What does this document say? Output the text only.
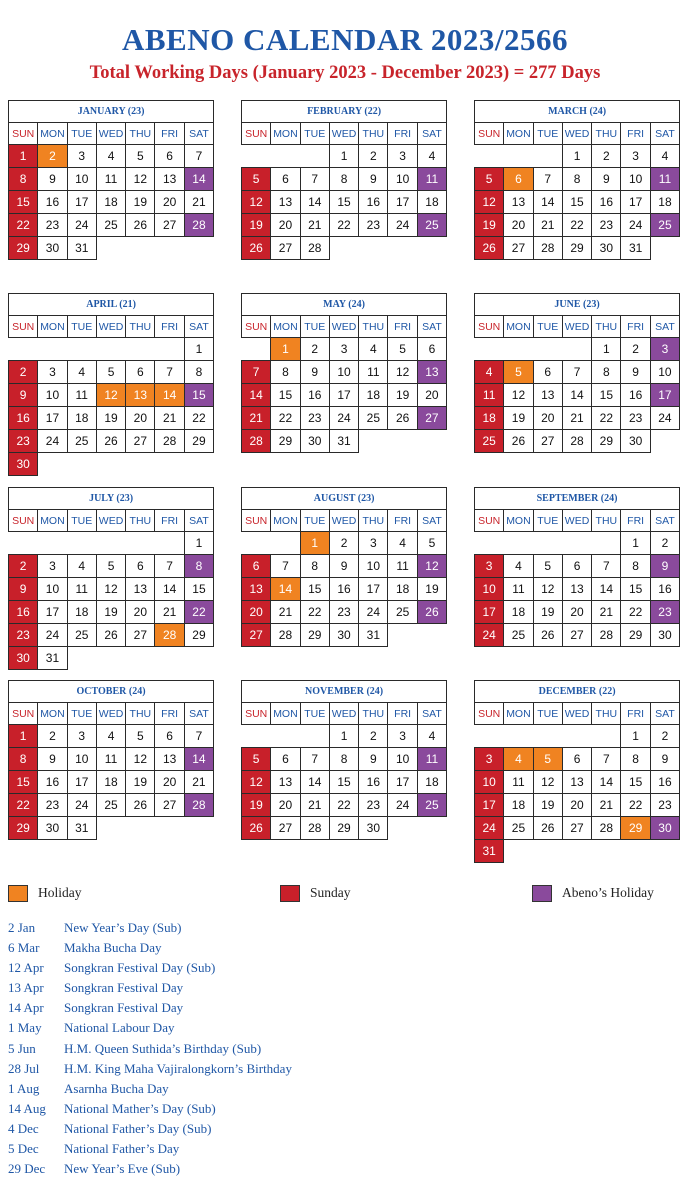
ABENO CALENDAR 2023/2566
Total Working Days (January 2023 - December 2023) = 277 Days
JANUARY (23)						
SUN	MON	TUE	WED	THU	FRI	SAT
1	2	3	4	5	6	7
8	9	10	11	12	13	14
15	16	17	18	19	20	21
22	23	24	25	26	27	28
29	30	31				
FEBRUARY (22)						
SUN	MON	TUE	WED	THU	FRI	SAT
			1	2	3	4
5	6	7	8	9	10	11
12	13	14	15	16	17	18
19	20	21	22	23	24	25
26	27	28				
MARCH (24)						
SUN	MON	TUE	WED	THU	FRI	SAT
			1	2	3	4
5	6	7	8	9	10	11
12	13	14	15	16	17	18
19	20	21	22	23	24	25
26	27	28	29	30	31	
APRIL (21)						
SUN	MON	TUE	WED	THU	FRI	SAT
						1
2	3	4	5	6	7	8
9	10	11	12	13	14	15
16	17	18	19	20	21	22
23	24	25	26	27	28	29
30						
MAY (24)						
SUN	MON	TUE	WED	THU	FRI	SAT
	1	2	3	4	5	6
7	8	9	10	11	12	13
14	15	16	17	18	19	20
21	22	23	24	25	26	27
28	29	30	31			
JUNE (23)						
SUN	MON	TUE	WED	THU	FRI	SAT
				1	2	3
4	5	6	7	8	9	10
11	12	13	14	15	16	17
18	19	20	21	22	23	24
25	26	27	28	29	30	
JULY (23)						
SUN	MON	TUE	WED	THU	FRI	SAT
						1
2	3	4	5	6	7	8
9	10	11	12	13	14	15
16	17	18	19	20	21	22
23	24	25	26	27	28	29
30	31					
AUGUST (23)						
SUN	MON	TUE	WED	THU	FRI	SAT
		1	2	3	4	5
6	7	8	9	10	11	12
13	14	15	16	17	18	19
20	21	22	23	24	25	26
27	28	29	30	31		
SEPTEMBER (24)						
SUN	MON	TUE	WED	THU	FRI	SAT
					1	2
3	4	5	6	7	8	9
10	11	12	13	14	15	16
17	18	19	20	21	22	23
24	25	26	27	28	29	30
OCTOBER (24)						
SUN	MON	TUE	WED	THU	FRI	SAT
1	2	3	4	5	6	7
8	9	10	11	12	13	14
15	16	17	18	19	20	21
22	23	24	25	26	27	28
29	30	31				
NOVEMBER (24)						
SUN	MON	TUE	WED	THU	FRI	SAT
			1	2	3	4
5	6	7	8	9	10	11
12	13	14	15	16	17	18
19	20	21	22	23	24	25
26	27	28	29	30		
DECEMBER (22)						
SUN	MON	TUE	WED	THU	FRI	SAT
					1	2
3	4	5	6	7	8	9
10	11	12	13	14	15	16
17	18	19	20	21	22	23
24	25	26	27	28	29	30
31						
Holiday	Sunday	Abeno’s Holiday
2 Jan New Year’s Day (Sub)
6 Mar Makha Bucha Day
12 Apr Songkran Festival Day (Sub)
13 Apr Songkran Festival Day
14 Apr Songkran Festival Day
1 May National Labour Day
5 Jun H.M. Queen Suthida’s Birthday (Sub)
28 Jul H.M. King Maha Vajiralongkorn’s Birthday
1 Aug Asarnha Bucha Day
14 Aug National Mather’s Day (Sub)
4 Dec National Father’s Day (Sub)
5 Dec National Father’s Day
29 Dec New Year’s Eve (Sub)
